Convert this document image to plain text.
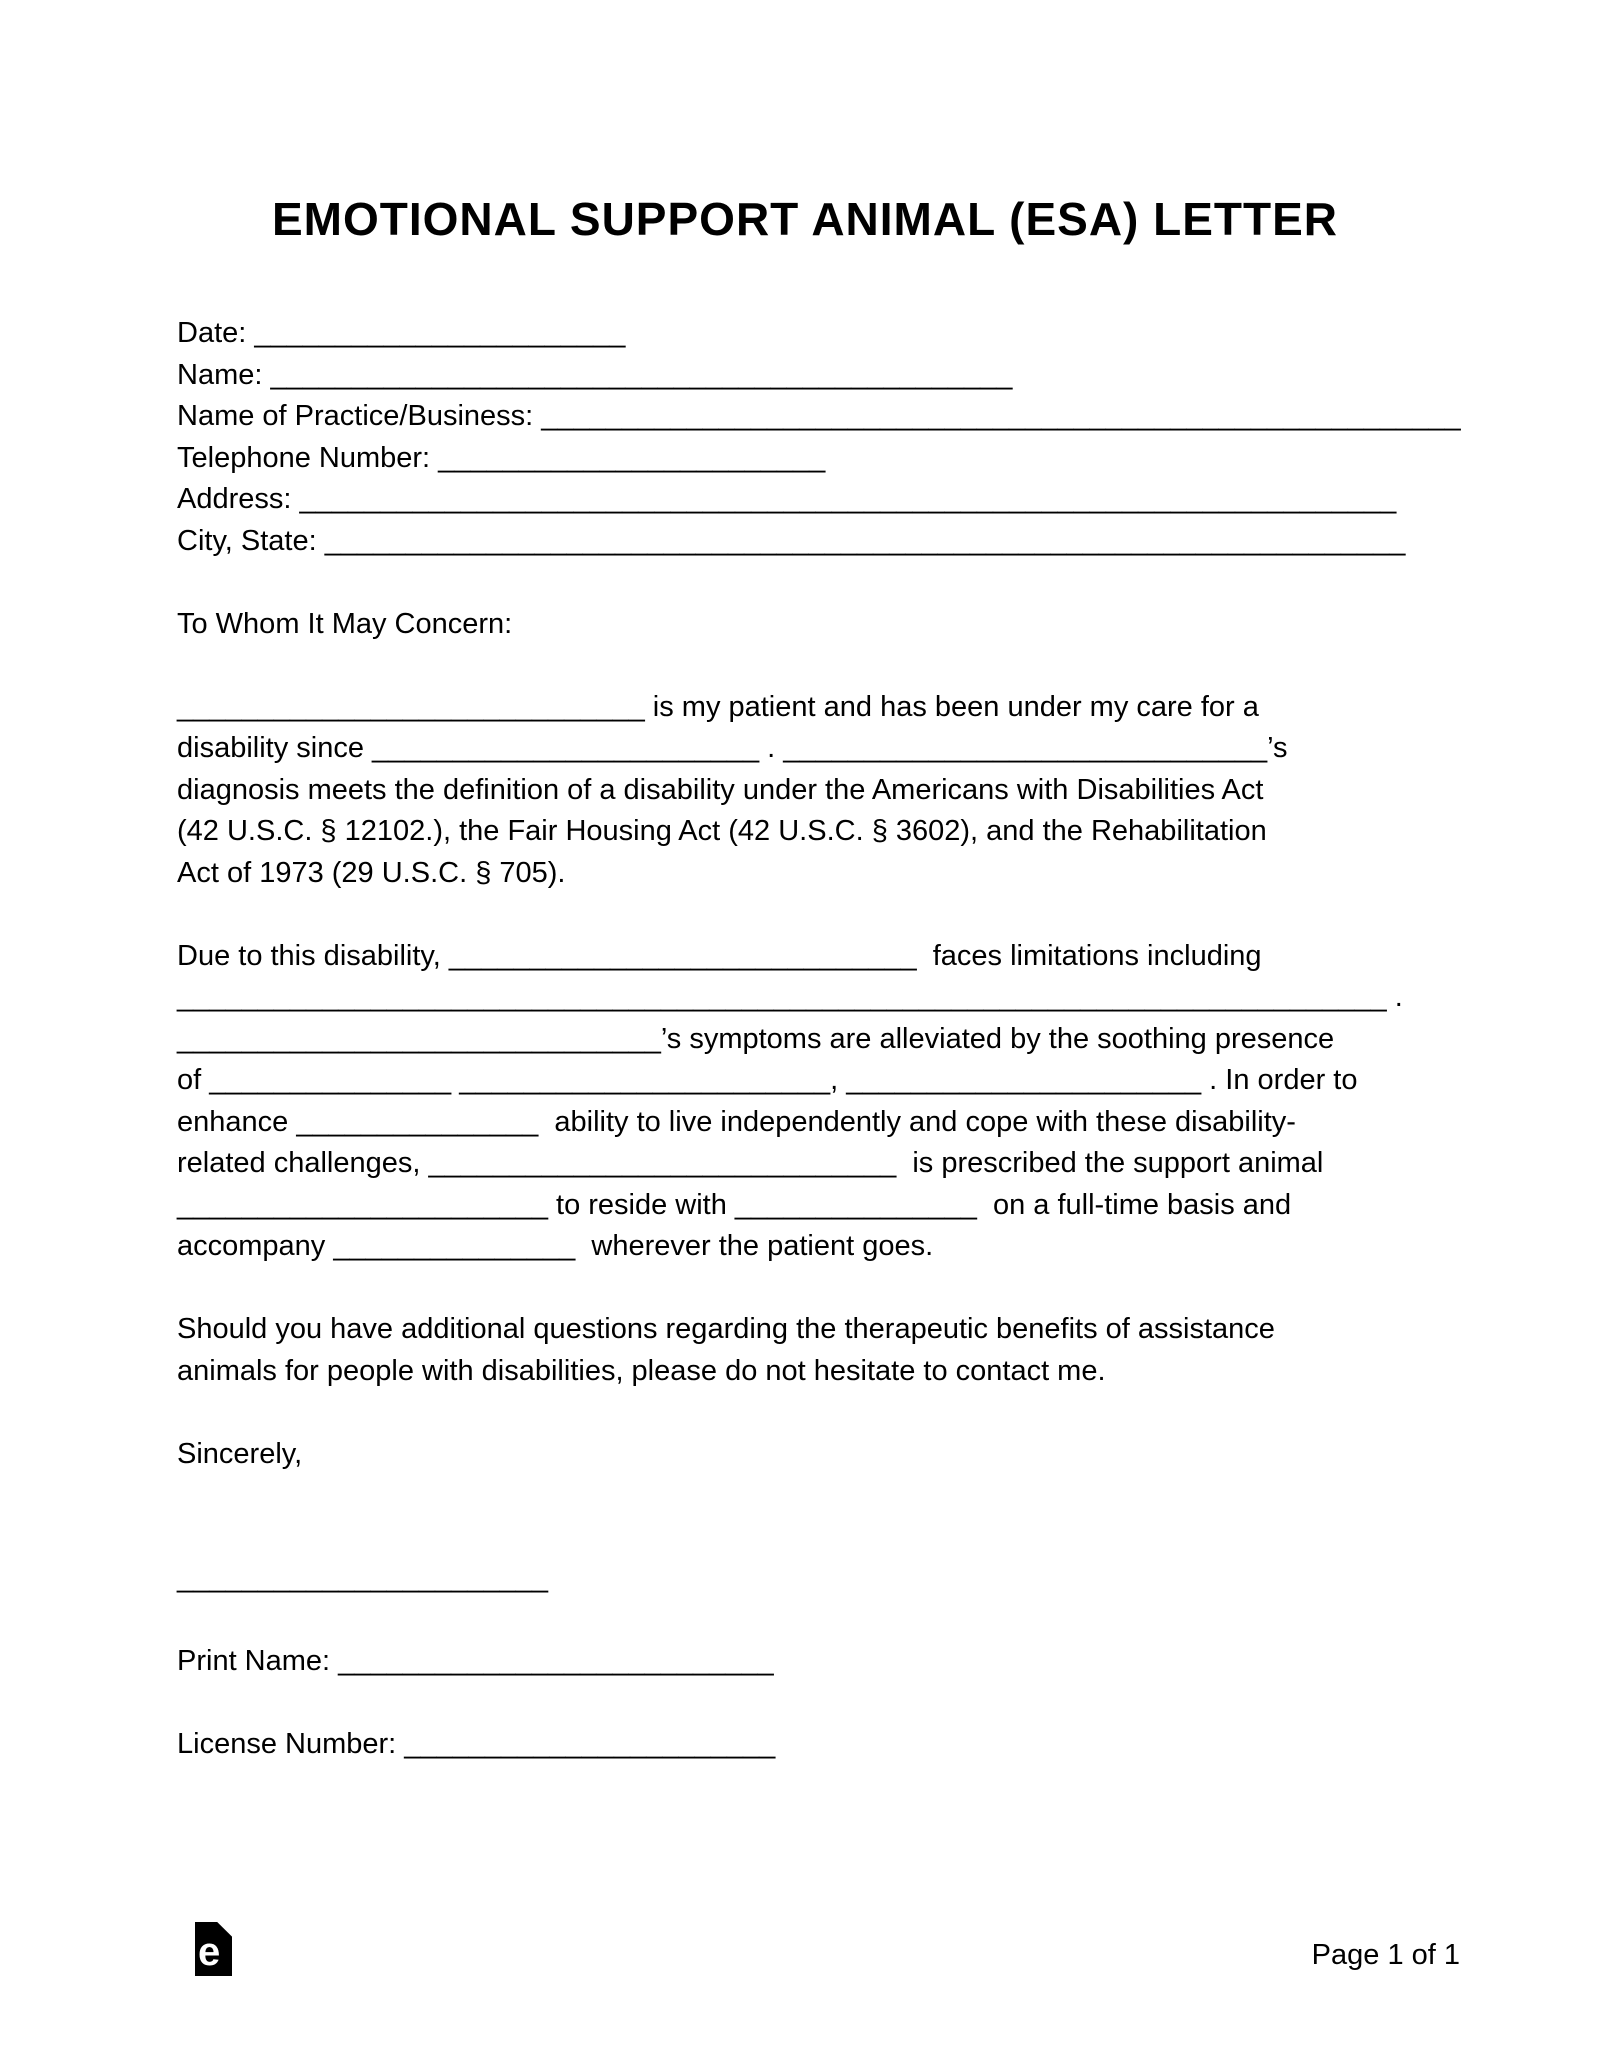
EMOTIONAL SUPPORT ANIMAL (ESA) LETTER
Date: _______________________
Name: ______________________________________________
Name of Practice/Business: _________________________________________________________
Telephone Number: ________________________
Address: ____________________________________________________________________
City, State: ___________________________________________________________________
To Whom It May Concern:
_____________________________ is my patient and has been under my care for a
disability since ________________________ . ______________________________’s
diagnosis meets the definition of a disability under the Americans with Disabilities Act
(42 U.S.C. § 12102.), the Fair Housing Act (42 U.S.C. § 3602), and the Rehabilitation
Act of 1973 (29 U.S.C. § 705).
Due to this disability, _____________________________  faces limitations including
___________________________________________________________________________ .
______________________________’s symptoms are alleviated by the soothing presence
of _______________ _______________________, ______________________ . In order to
enhance _______________  ability to live independently and cope with these disability-
related challenges, _____________________________  is prescribed the support animal
_______________________ to reside with _______________  on a full-time basis and
accompany _______________  wherever the patient goes.
Should you have additional questions regarding the therapeutic benefits of assistance
animals for people with disabilities, please do not hesitate to contact me.
Sincerely,
_______________________
Print Name: ___________________________
License Number: _______________________
e	Page 1 of 1
